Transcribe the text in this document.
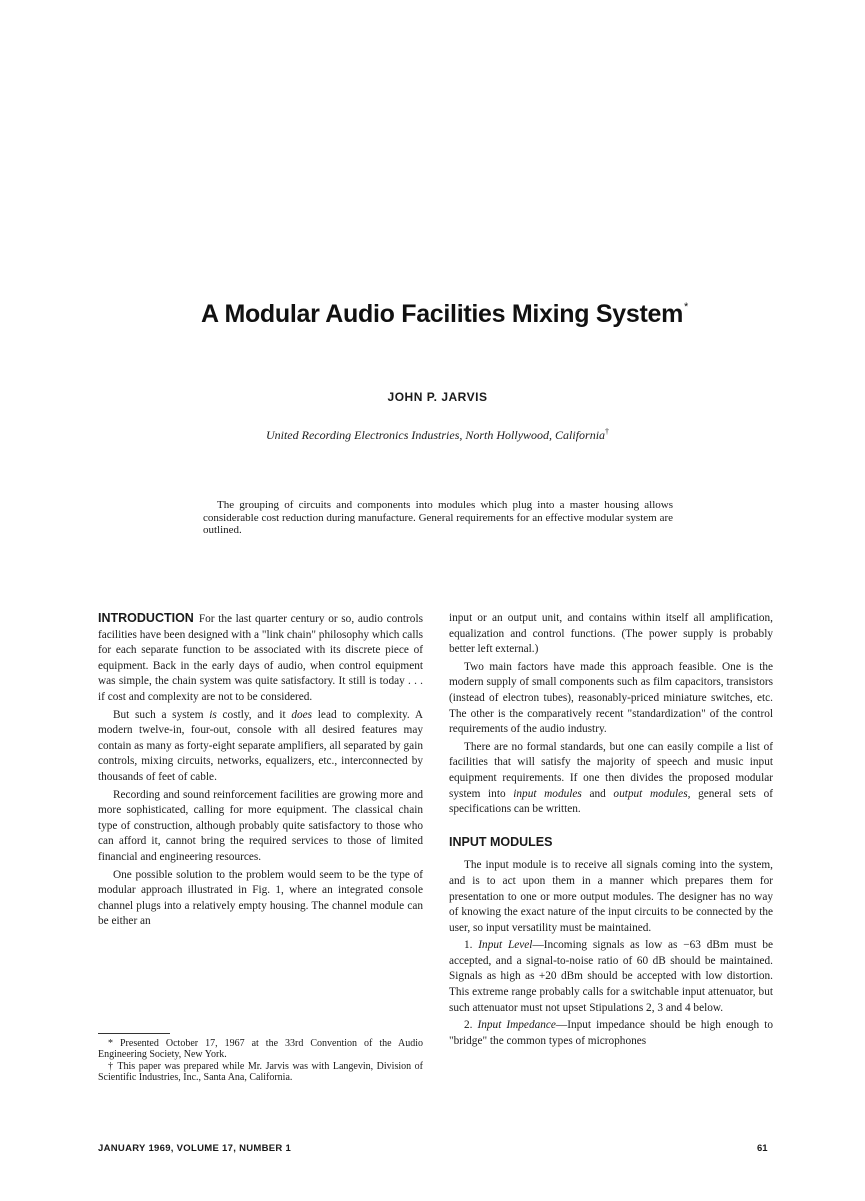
A Modular Audio Facilities Mixing System*
JOHN P. JARVIS
United Recording Electronics Industries, North Hollywood, California†
The grouping of circuits and components into modules which plug into a master housing allows considerable cost reduction during manufacture. General requirements for an effective modular system are outlined.

INTRODUCTION For the last quarter century or so, audio controls facilities have been designed with a "link chain" philosophy which calls for each separate function to be associated with its discrete piece of equipment. Back in the early days of audio, when control equipment was simple, the chain system was quite satisfactory. It still is today . . . if cost and complexity are not to be considered.

But such a system is costly, and it does lead to complexity. A modern twelve-in, four-out, console with all desired features may contain as many as forty-eight separate amplifiers, all separated by gain controls, mixing circuits, networks, equalizers, etc., interconnected by thousands of feet of cable.

Recording and sound reinforcement facilities are growing more and more sophisticated, calling for more equipment. The classical chain type of construction, although probably quite satisfactory to those who can afford it, cannot bring the required services to those of limited financial and engineering resources.

One possible solution to the problem would seem to be the type of modular approach illustrated in Fig. 1, where an integrated console channel plugs into a relatively empty housing. The channel module can be either an

input or an output unit, and contains within itself all amplification, equalization and control functions. (The power supply is probably better left external.)

Two main factors have made this approach feasible. One is the modern supply of small components such as film capacitors, transistors (instead of electron tubes), reasonably-priced miniature switches, etc. The other is the comparatively recent "standardization" of the control requirements of the audio industry.

There are no formal standards, but one can easily compile a list of facilities that will satisfy the majority of speech and music input equipment requirements. If one then divides the proposed modular system into input modules and output modules, general sets of specifications can be written.

INPUT MODULES

The input module is to receive all signals coming into the system, and is to act upon them in a manner which prepares them for presentation to one or more output modules. The designer has no way of knowing the exact nature of the input circuits to be connected by the user, so input versatility must be maintained.

1. Input Level—Incoming signals as low as −63 dBm must be accepted, and a signal-to-noise ratio of 60 dB should be maintained. Signals as high as +20 dBm should be accepted with low distortion. This extreme range probably calls for a switchable input attenuator, but such attenuator must not upset Stipulations 2, 3 and 4 below.

2. Input Impedance—Input impedance should be high enough to "bridge" the common types of microphones

* Presented October 17, 1967 at the 33rd Convention of the Audio Engineering Society, New York.

† This paper was prepared while Mr. Jarvis was with Langevin, Division of Scientific Industries, Inc., Santa Ana, California.

JANUARY 1969, VOLUME 17, NUMBER 1	61
